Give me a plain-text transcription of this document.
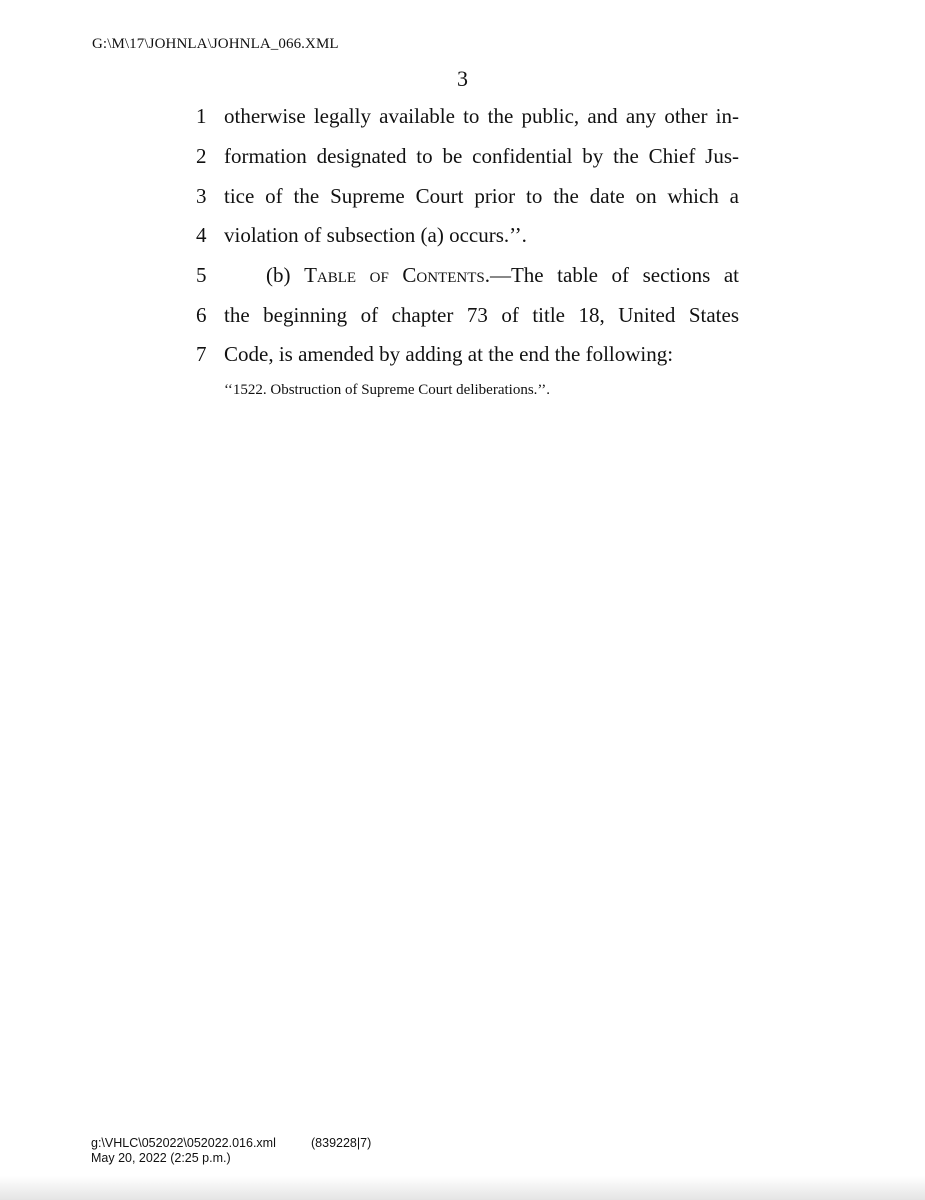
G:\M\17\JOHNLA\JOHNLA_066.XML
3
1 otherwise legally available to the public, and any other in-
2 formation designated to be confidential by the Chief Jus-
3 tice of the Supreme Court prior to the date on which a
4 violation of subsection (a) occurs.’’.
5	(b) Table of Contents.—The table of sections at
6 the beginning of chapter 73 of title 18, United States
7 Code, is amended by adding at the end the following:
‘‘1522. Obstruction of Supreme Court deliberations.’’.
g:\VHLC\052022\052022.016.xml
May 20, 2022 (2:25 p.m.)
(839228|7)
